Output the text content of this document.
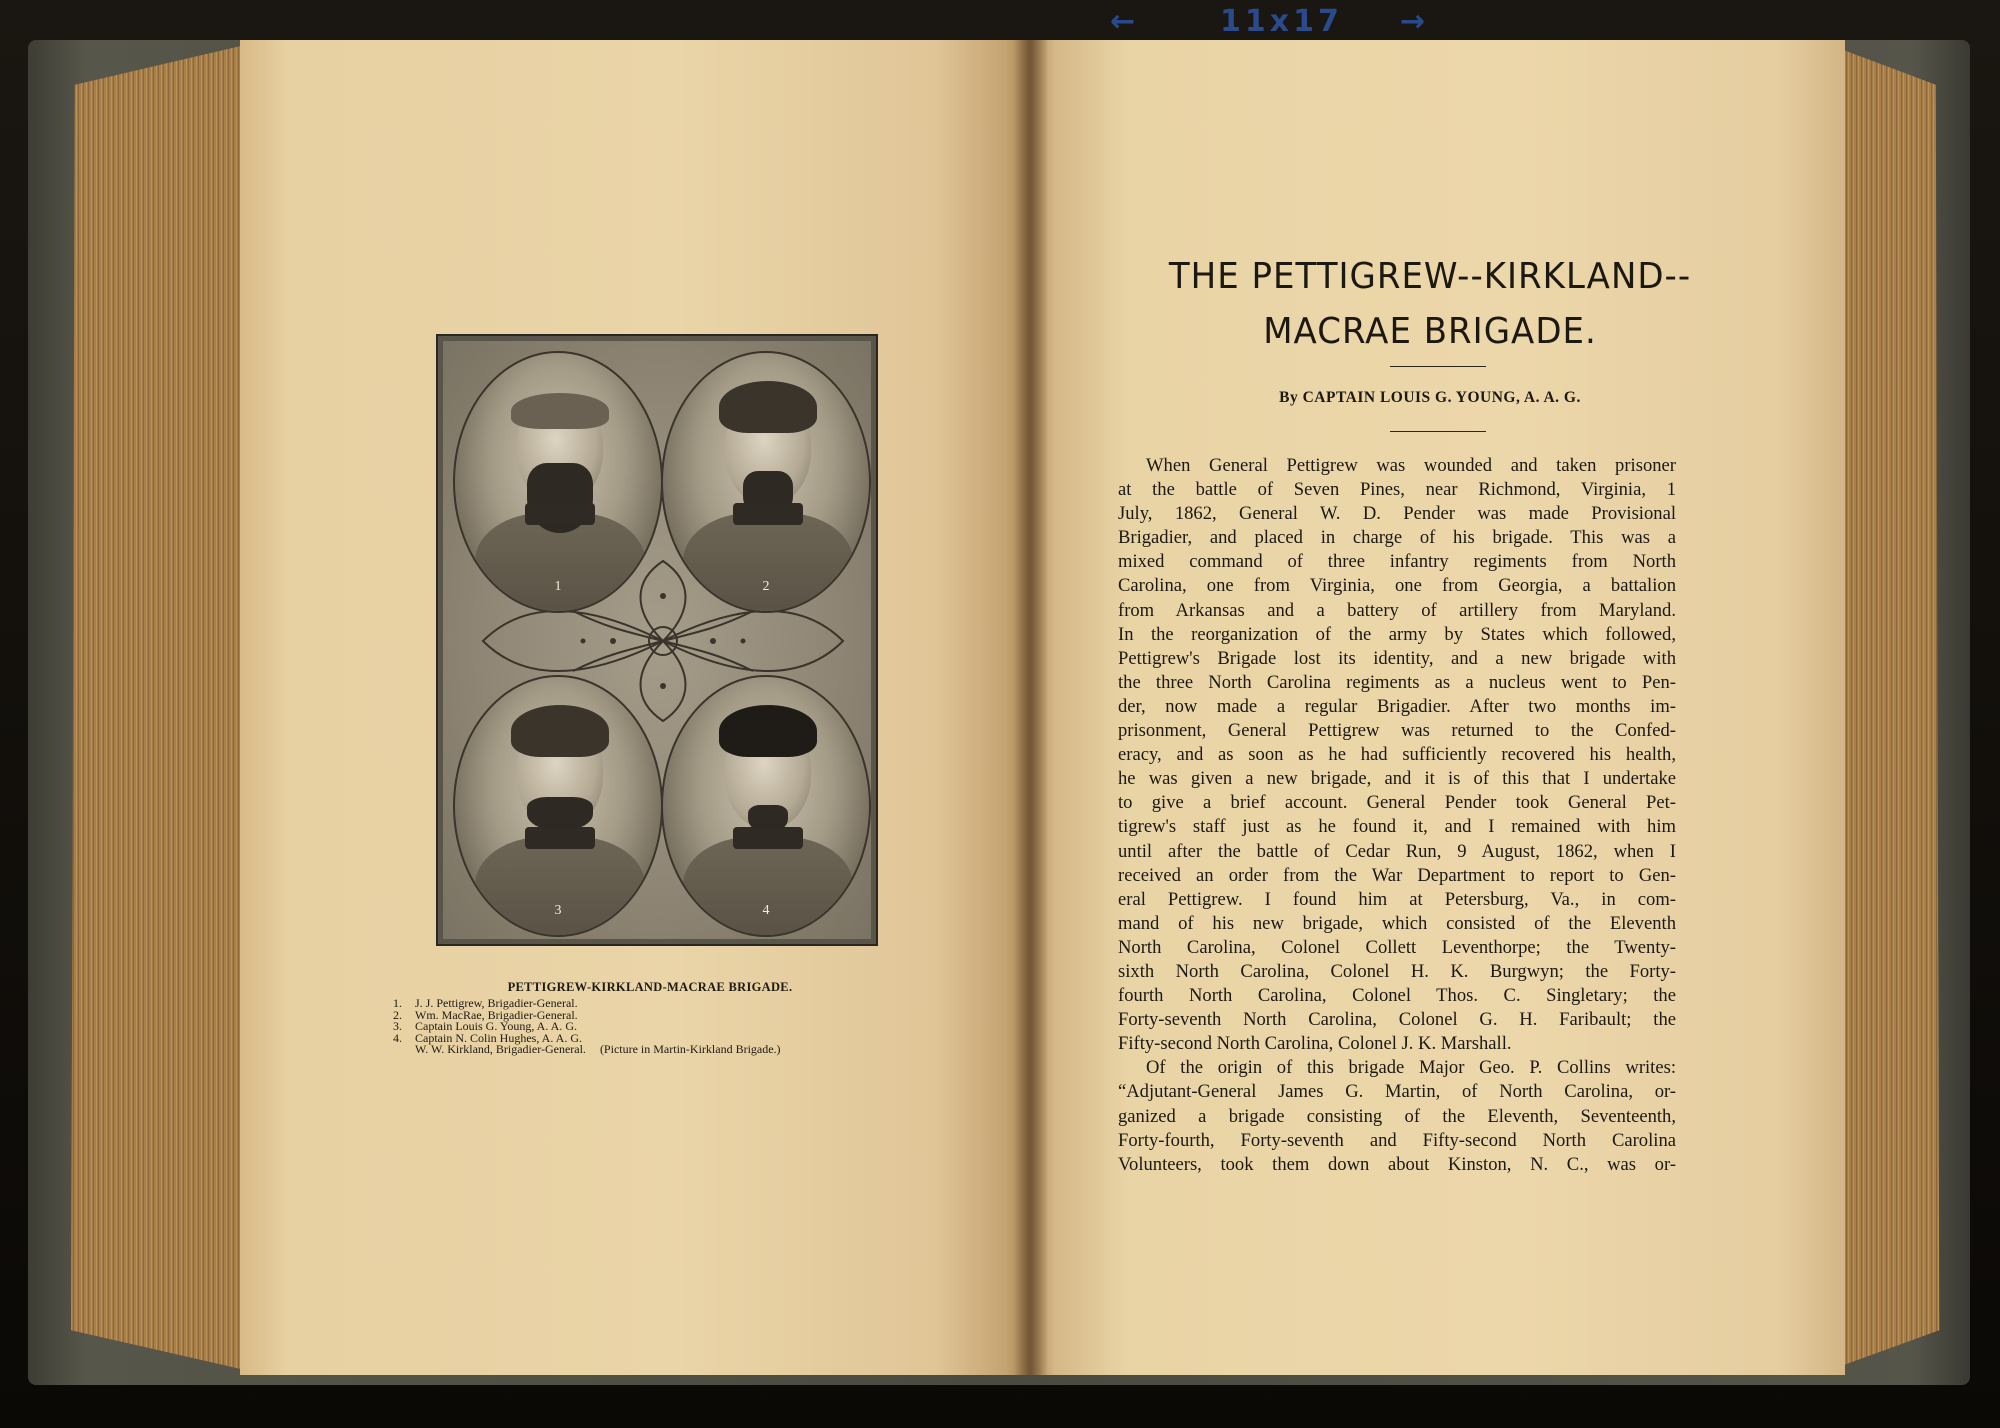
←	11x17 →
1	2
3	4
PETTIGREW-KIRKLAND-MACRAE BRIGADE.
1. J. J. Pettigrew, Brigadier-General.
2. Wm. MacRae, Brigadier-General.
3. Captain Louis G. Young, A. A. G.
4. Captain N. Colin Hughes, A. A. G.
W. W. Kirkland, Brigadier-General. (Picture in Martin-Kirkland Brigade.)
THE PETTIGREW--KIRKLAND--
MACRAE BRIGADE.
By CAPTAIN LOUIS G. YOUNG, A. A. G.
When General Pettigrew was wounded and taken prisoner
at the battle of Seven Pines, near Richmond, Virginia, 1
July, 1862, General W. D. Pender was made Provisional
Brigadier, and placed in charge of his brigade. This was a
mixed command of three infantry regiments from North
Carolina, one from Virginia, one from Georgia, a battalion
from Arkansas and a battery of artillery from Maryland.
In the reorganization of the army by States which followed,
Pettigrew's Brigade lost its identity, and a new brigade with
the three North Carolina regiments as a nucleus went to Pen-
der, now made a regular Brigadier. After two months im-
prisonment, General Pettigrew was returned to the Confed-
eracy, and as soon as he had sufficiently recovered his health,
he was given a new brigade, and it is of this that I undertake
to give a brief account. General Pender took General Pet-
tigrew's staff just as he found it, and I remained with him
until after the battle of Cedar Run, 9 August, 1862, when I
received an order from the War Department to report to Gen-
eral Pettigrew. I found him at Petersburg, Va., in com-
mand of his new brigade, which consisted of the Eleventh
North Carolina, Colonel Collett Leventhorpe; the Twenty-
sixth North Carolina, Colonel H. K. Burgwyn; the Forty-
fourth North Carolina, Colonel Thos. C. Singletary; the
Forty-seventh North Carolina, Colonel G. H. Faribault; the
Fifty-second North Carolina, Colonel J. K. Marshall.
Of the origin of this brigade Major Geo. P. Collins writes:
“Adjutant-General James G. Martin, of North Carolina, or-
ganized a brigade consisting of the Eleventh, Seventeenth,
Forty-fourth, Forty-seventh and Fifty-second North Carolina
Volunteers, took them down about Kinston, N. C., was or-
